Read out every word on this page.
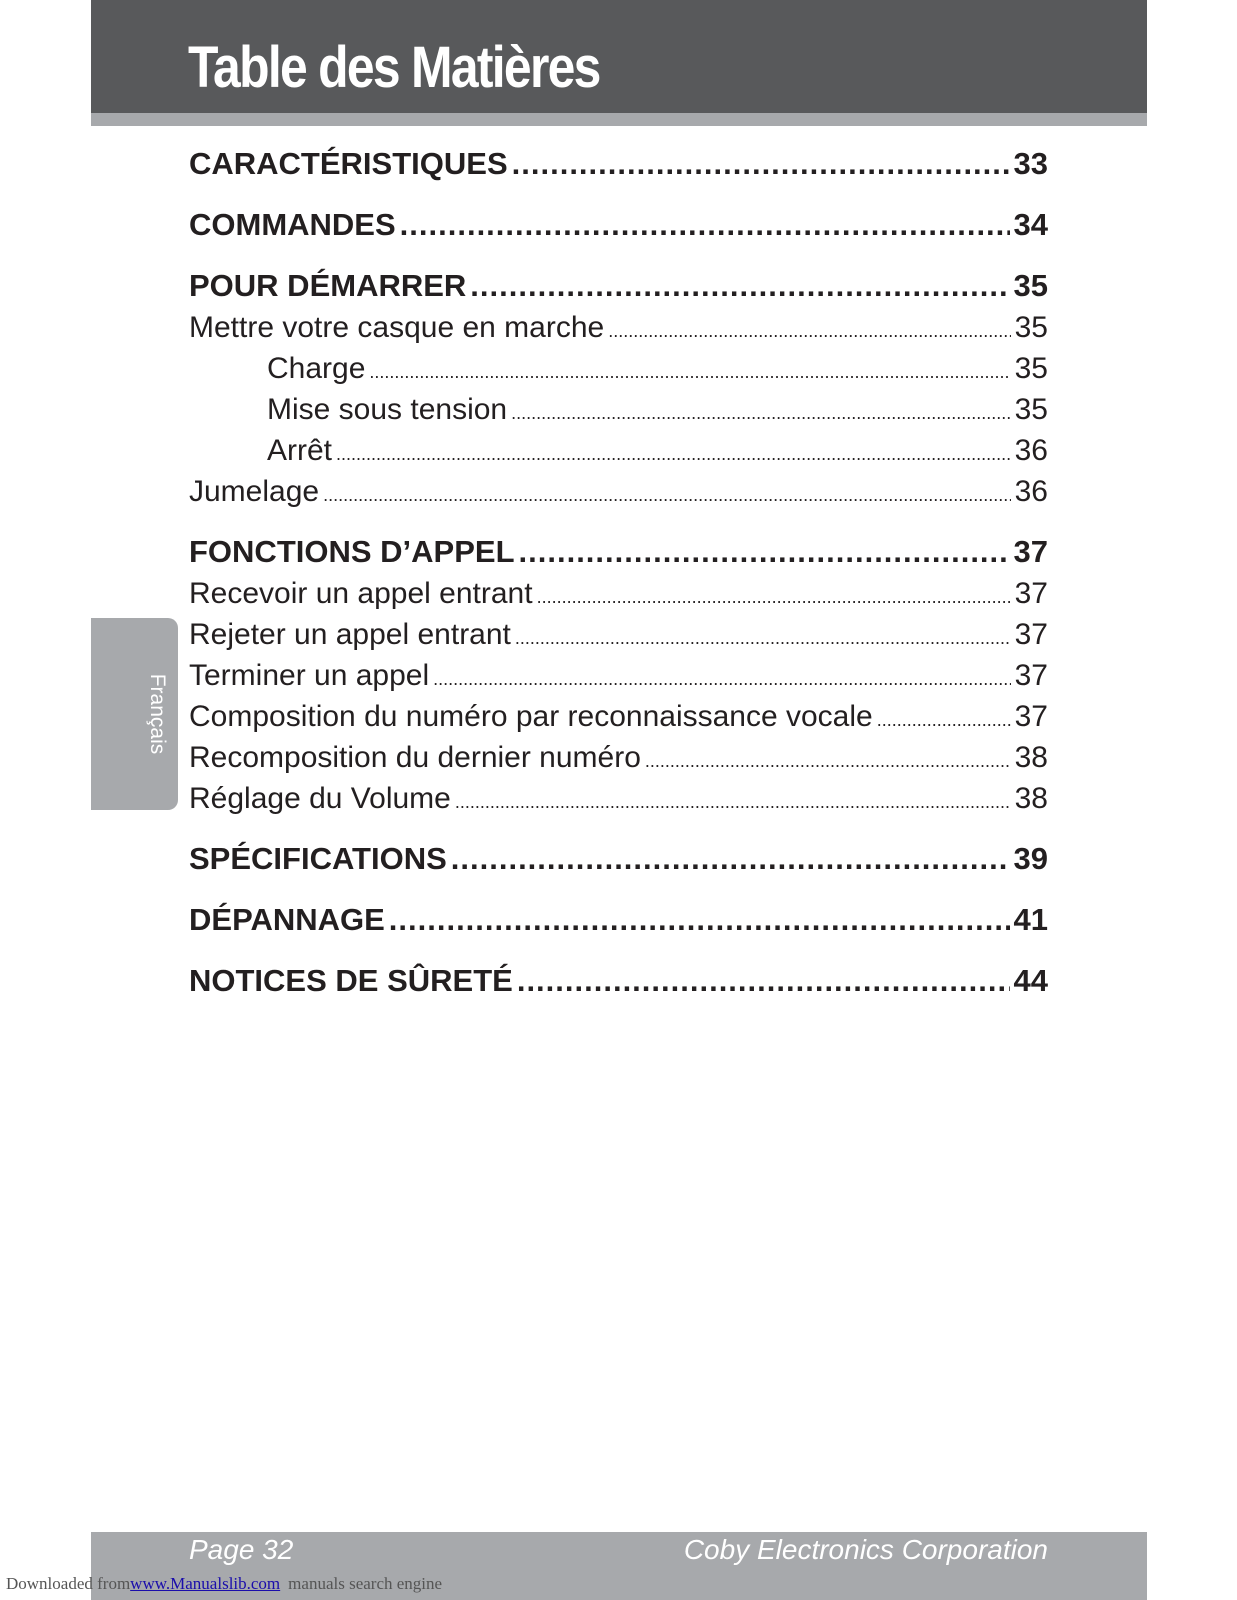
Table des Matières
Français
CARACTÉRISTIQUES .....	33
COMMANDES .....	34
POUR DÉMARRER .....	35
Mettre votre casque en marche .....	35
Charge .....	35
Mise sous tension .....	35
Arrêt .....	36
Jumelage .....	36
FONCTIONS D’APPEL .....	37
Recevoir un appel entrant .....	37
Rejeter un appel entrant .....	37
Terminer un appel .....	37
Composition du numéro par reconnaissance vocale .....	37
Recomposition du dernier numéro .....	38
Réglage du Volume .....	38
SPÉCIFICATIONS .....	39
DÉPANNAGE .....	41
NOTICES DE SÛRETÉ .....	44
Page 32	Coby Electronics Corporation
Downloaded fromwww.Manualslib.com manuals search engine
